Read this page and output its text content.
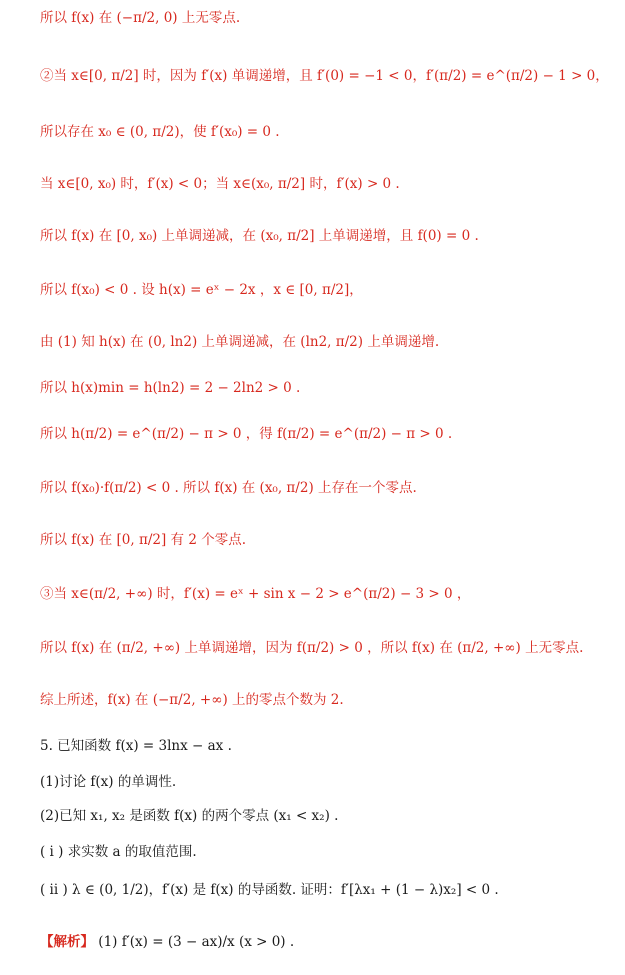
所以 f(x) 在 (−π/2, 0) 上无零点.
②当 x∈[0, π/2] 时，因为 f′(x) 单调递增，且 f′(0) = −1 < 0，f′(π/2) = e^(π/2) − 1 > 0，
所以存在 x₀ ∈ (0, π/2)，使 f′(x₀) = 0 .
当 x∈[0, x₀) 时，f′(x) < 0；当 x∈(x₀, π/2] 时，f′(x) > 0 .
所以 f(x) 在 [0, x₀) 上单调递减，在 (x₀, π/2] 上单调递增，且 f(0) = 0 .
所以 f(x₀) < 0 . 设 h(x) = eˣ − 2x ，x ∈ [0, π/2]，
由 (1) 知 h(x) 在 (0, ln2) 上单调递减，在 (ln2, π/2) 上单调递增.
所以 h(x)min = h(ln2) = 2 − 2ln2 > 0 .
所以 h(π/2) = e^(π/2) − π > 0 ，得 f(π/2) = e^(π/2) − π > 0 .
所以 f(x₀)·f(π/2) < 0 . 所以 f(x) 在 (x₀, π/2) 上存在一个零点.
所以 f(x) 在 [0, π/2] 有 2 个零点.
③当 x∈(π/2, +∞) 时，f′(x) = eˣ + sin x − 2 > e^(π/2) − 3 > 0 ，
所以 f(x) 在 (π/2, +∞) 上单调递增，因为 f(π/2) > 0 ，所以 f(x) 在 (π/2, +∞) 上无零点.
综上所述，f(x) 在 (−π/2, +∞) 上的零点个数为 2.
5. 已知函数 f(x) = 3lnx − ax .
(1)讨论 f(x) 的单调性.
(2)已知 x₁, x₂ 是函数 f(x) 的两个零点 (x₁ < x₂) .
( i ) 求实数 a 的取值范围.
( ii ) λ ∈ (0, 1/2)，f′(x) 是 f(x) 的导函数. 证明：f′[λx₁ + (1 − λ)x₂] < 0 .
【解析】 (1) f′(x) = (3 − ax)/x (x > 0) .
